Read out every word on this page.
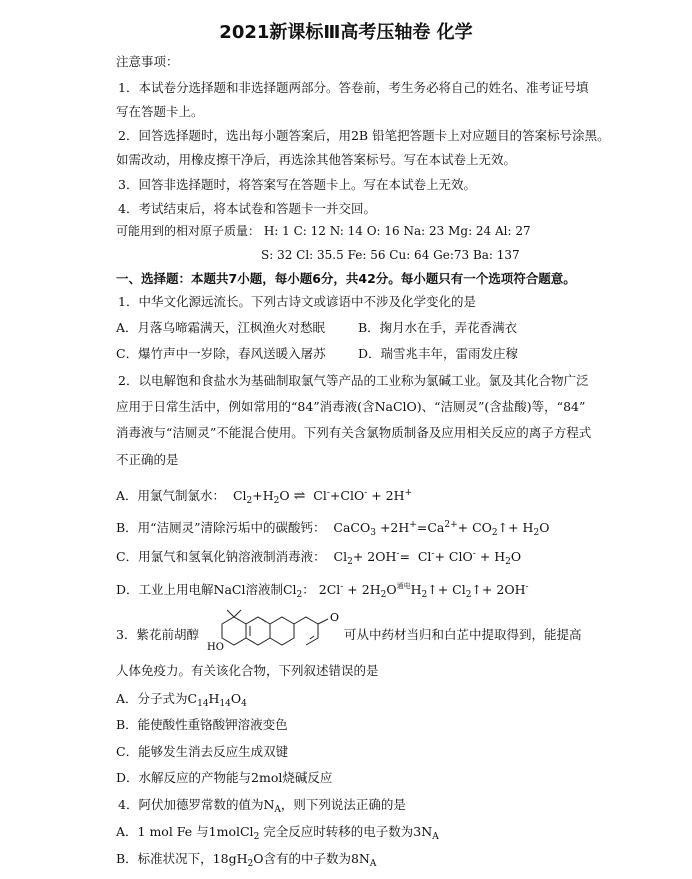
2021新课标Ⅲ高考压轴卷 化学
注意事项：
1．本试卷分选择题和非选择题两部分。答卷前，考生务必将自己的姓名、准考证号填
写在答题卡上。
2．回答选择题时，选出每小题答案后，用2B 铅笔把答题卡上对应题目的答案标号涂黑。
如需改动，用橡皮擦干净后，再选涂其他答案标号。写在本试卷上无效。
3．回答非选择题时，将答案写在答题卡上。写在本试卷上无效。
4．考试结束后，将本试卷和答题卡一并交回。
可能用到的相对原子质量： H: 1 C: 12 N: 14 O: 16 Na: 23 Mg: 24 Al: 27
S: 32 Cl: 35.5 Fe: 56 Cu: 64 Ge:73 Ba: 137
一、选择题：本题共7小题，每小题6分，共42分。每小题只有一个选项符合题意。
1．中华文化源远流长。下列古诗文或谚语中不涉及化学变化的是
A．月落乌啼霜满天，江枫渔火对愁眠	B．掬月水在手，弄花香满衣
C．爆竹声中一岁除，春风送暖入屠苏	D．瑞雪兆丰年，雷雨发庄稼
2．以电解饱和食盐水为基础制取氯气等产品的工业称为氯碱工业。氯及其化合物广泛
应用于日常生活中，例如常用的“84”消毒液(含NaClO)、“洁厕灵”(含盐酸)等，“84”
消毒液与“洁厕灵”不能混合使用。下列有关含氯物质制备及应用相关反应的离子方程式
不正确的是
A．用氯气制氯水：  $Cl_2+H_2O$ ⇌  Cl-+ClO- + 2H+
B．用“洁厕灵”清除污垢中的碳酸钙：  CaCO$_3$ $+2H^+=Ca^{2+}+$ $CO_2↑+ H_2O$
C．用氯气和氢氧化钠溶液制消毒液：  $Cl_2+ 2OH^-= Cl^-+ ClO^- + H_2O$
D．工业上用电解NaCl溶液制$Cl_2$： $2Cl^- + 2H_2O^{通电}H_2↑+$ $Cl_2↑+ 2OH^-$
3．紫花前胡醇
O
HO
可从中药材当归和白芷中提取得到，能提高
人体免疫力。有关该化合物，下列叙述错误的是
A．分子式为$C_{14}H_{14}O_4$
B．能使酸性重铬酸钾溶液变色
C．能够发生消去反应生成双键
D．水解反应的产物能与2mol烧碱反应
4．阿伏加德罗常数的值为$N_A$，则下列说法正确的是
A．1 mol Fe 与1molCl$_2$ 完全反应时转移的电子数为$3N_A$
B．标准状况下，$18gH_2O$含有的中子数为$8N_A$
